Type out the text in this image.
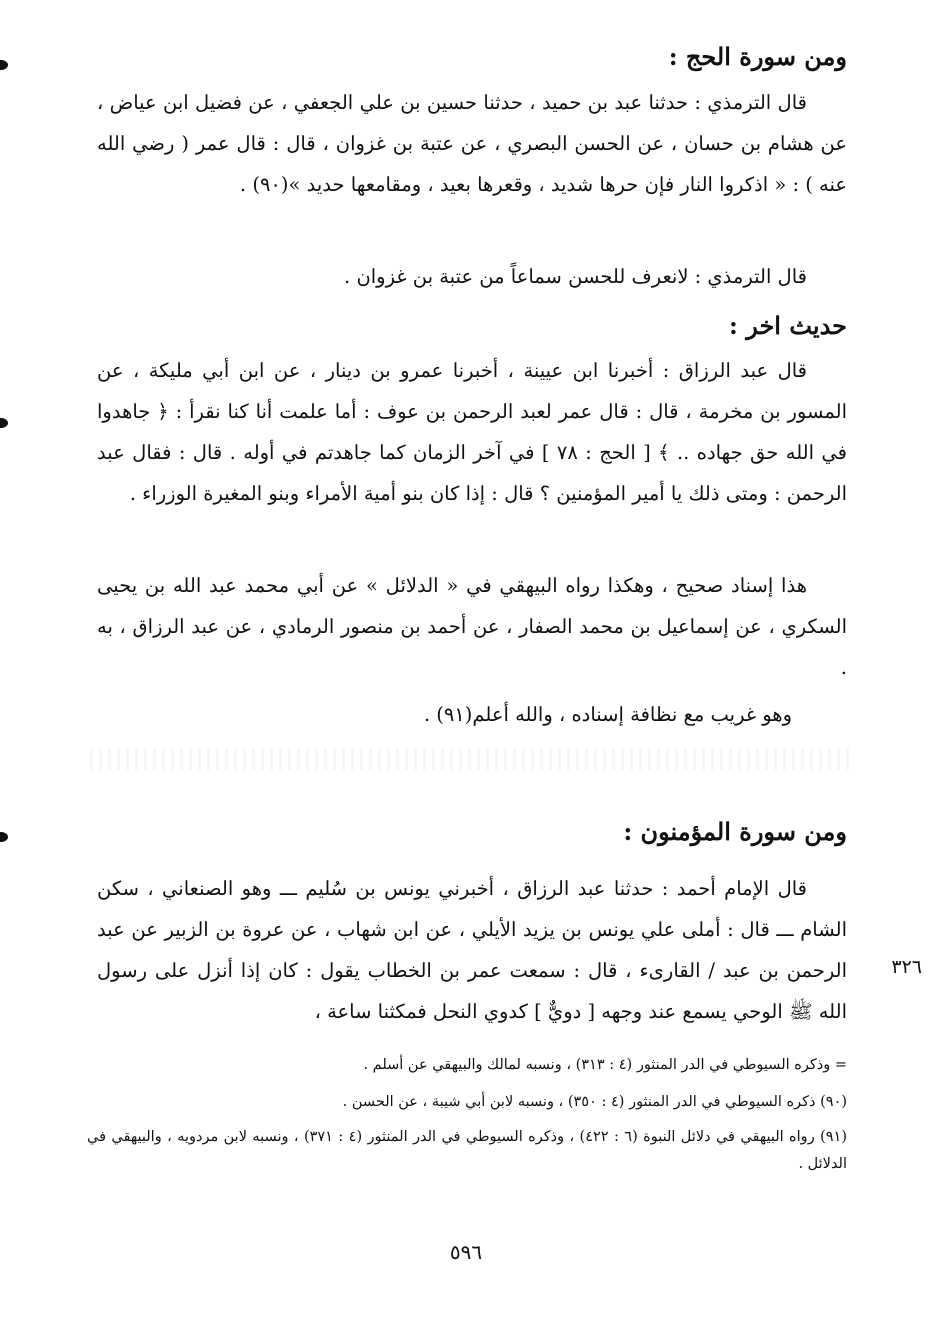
ومن سورة الحج :
قال الترمذي : حدثنا عبد بن حميد ، حدثنا حسين بن علي الجعفي ، عن فضيل ابن عياض ، عن هشام بن حسان ، عن الحسن البصري ، عن عتبة بن غزوان ، قال : قال عمر ( رضي الله عنه ) : « اذكروا النار فإن حرها شديد ، وقعرها بعيد ، ومقامعها حديد »(٩٠) .
قال الترمذي : لانعرف للحسن سماعاً من عتبة بن غزوان .
حديث اخر :
قال عبد الرزاق : أخبرنا ابن عيينة ، أخبرنا عمرو بن دينار ، عن ابن أبي مليكة ، عن المسور بن مخرمة ، قال : قال عمر لعبد الرحمن بن عوف : أما علمت أنا كنا نقرأ : ﴿ جاهدوا في الله حق جهاده .. ﴾ [ الحج : ٧٨ ] في آخر الزمان كما جاهدتم في أوله . قال : فقال عبد الرحمن : ومتى ذلك يا أمير المؤمنين ؟ قال : إذا كان بنو أمية الأمراء وبنو المغيرة الوزراء .
هذا إسناد صحيح ، وهكذا رواه البيهقي في « الدلائل » عن أبي محمد عبد الله بن يحيى السكري ، عن إسماعيل بن محمد الصفار ، عن أحمد بن منصور الرمادي ، عن عبد الرزاق ، به .
وهو غريب مع نظافة إسناده ، والله أعلم(٩١) .
ومن سورة المؤمنون :
قال الإمام أحمد : حدثنا عبد الرزاق ، أخبرني يونس بن سُليم ـــ وهو الصنعاني ، سكن الشام ـــ قال : أملى علي يونس بن يزيد الأيلي ، عن ابن شهاب ، عن عروة بن الزبير عن عبد الرحمن بن عبد / القارىء ، قال : سمعت عمر بن الخطاب يقول : كان إذا أنزل على رسول الله ﷺ الوحي يسمع عند وجهه [ دويٌّ ] كدوي النحل فمكثنا ساعة ،
٣٢٦
= وذكره السيوطي في الدر المنثور (٤ : ٣١٣) ، ونسبه لمالك والبيهقي عن أسلم .
(٩٠) ذكره السيوطي في الدر المنثور (٤ : ٣٥٠) ، ونسبه لابن أبي شيبة ، عن الحسن .
(٩١) رواه البيهقي في دلائل النبوة (٦ : ٤٢٢) ، وذكره السيوطي في الدر المنثور (٤ : ٣٧١) ، ونسبه لابن مردويه ، والبيهقي في الدلائل .
٥٩٦
